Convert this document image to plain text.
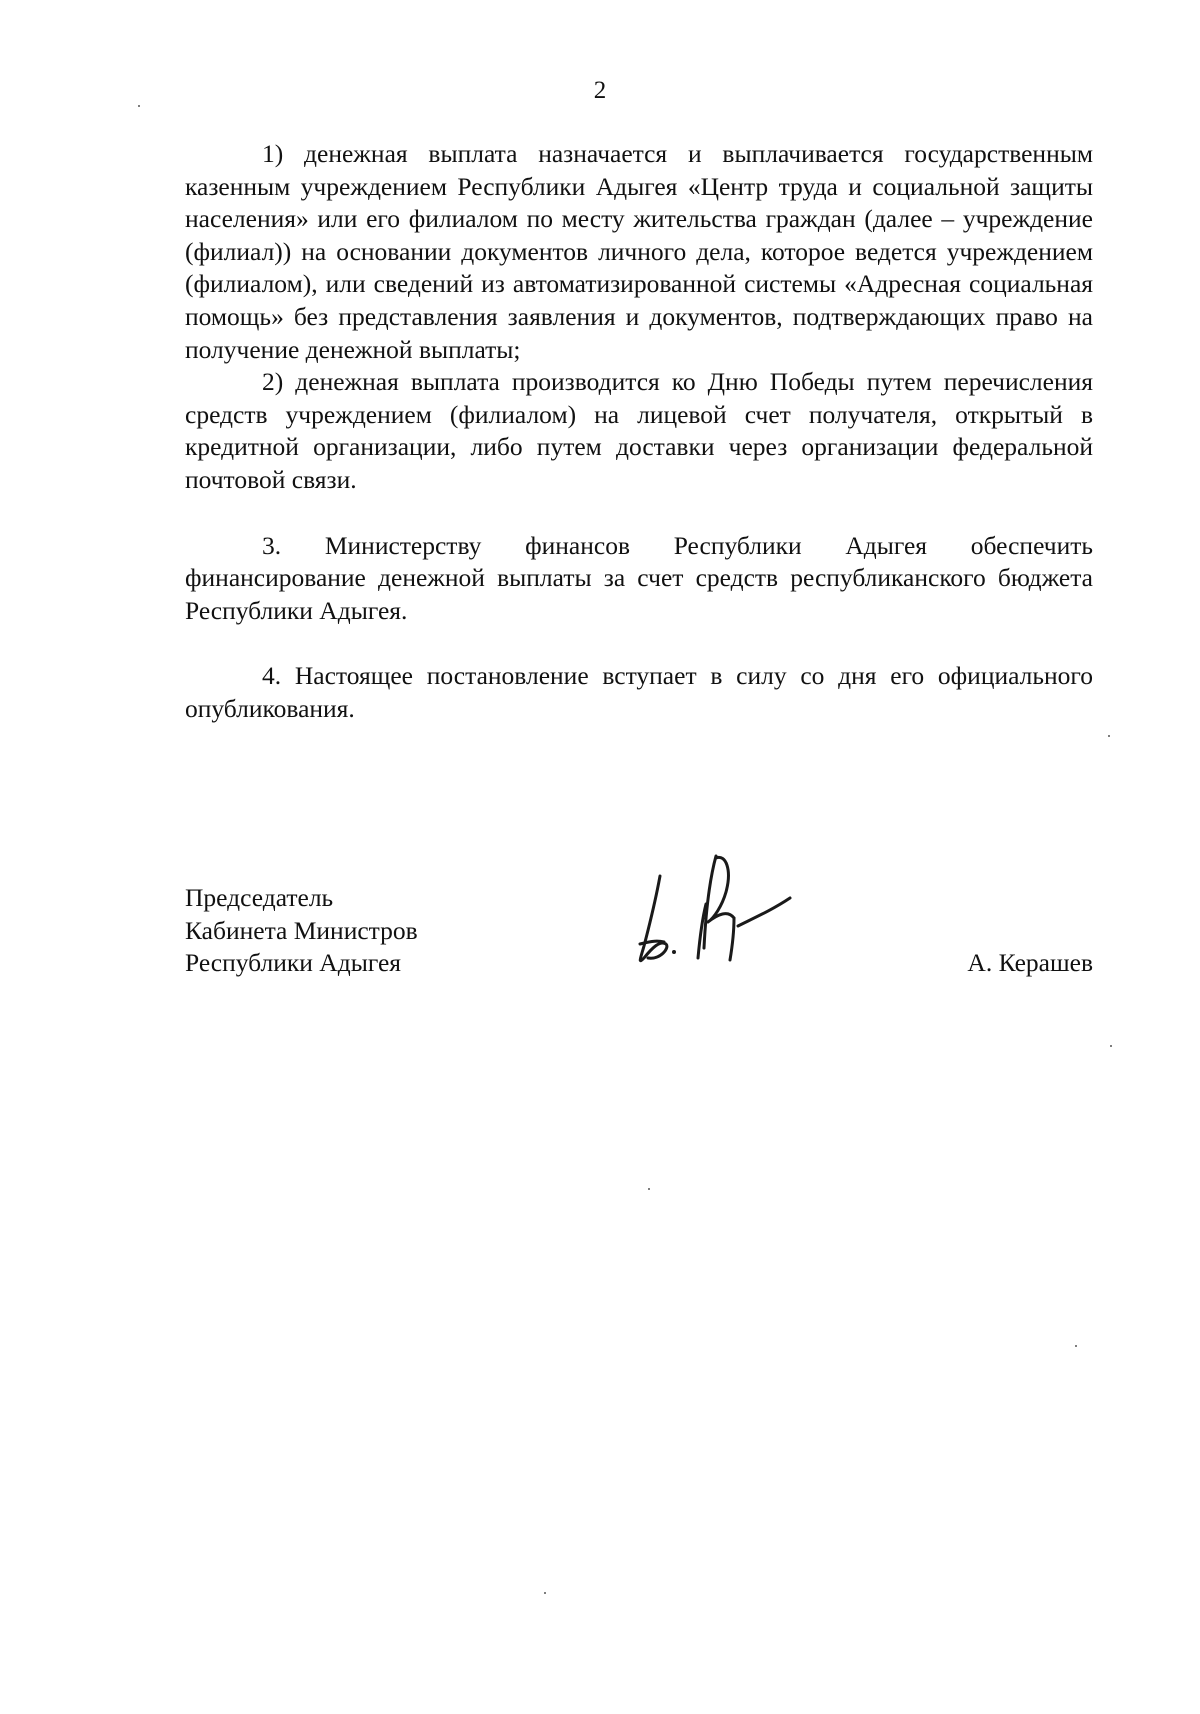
2

1) денежная выплата назначается и выплачивается государственным казенным учреждением Республики Адыгея «Центр труда и социальной защиты населения» или его филиалом по месту жительства граждан (далее – учреждение (филиал)) на основании документов личного дела, которое ведется учреждением (филиалом), или сведений из автоматизированной системы «Адресная социальная помощь» без представления заявления и документов, подтверждающих право на получение денежной выплаты;

2) денежная выплата производится ко Дню Победы путем перечисления средств учреждением (филиалом) на лицевой счет получателя, открытый в кредитной организации, либо путем доставки через организации федеральной почтовой связи.

3. Министерству финансов Республики Адыгея обеспечить финансирование денежной выплаты за счет средств республиканского бюджета Республики Адыгея.

4. Настоящее постановление вступает в силу со дня его официального опубликования.

Председатель
Кабинета Министров
Республики Адыгея	А. Керашев
